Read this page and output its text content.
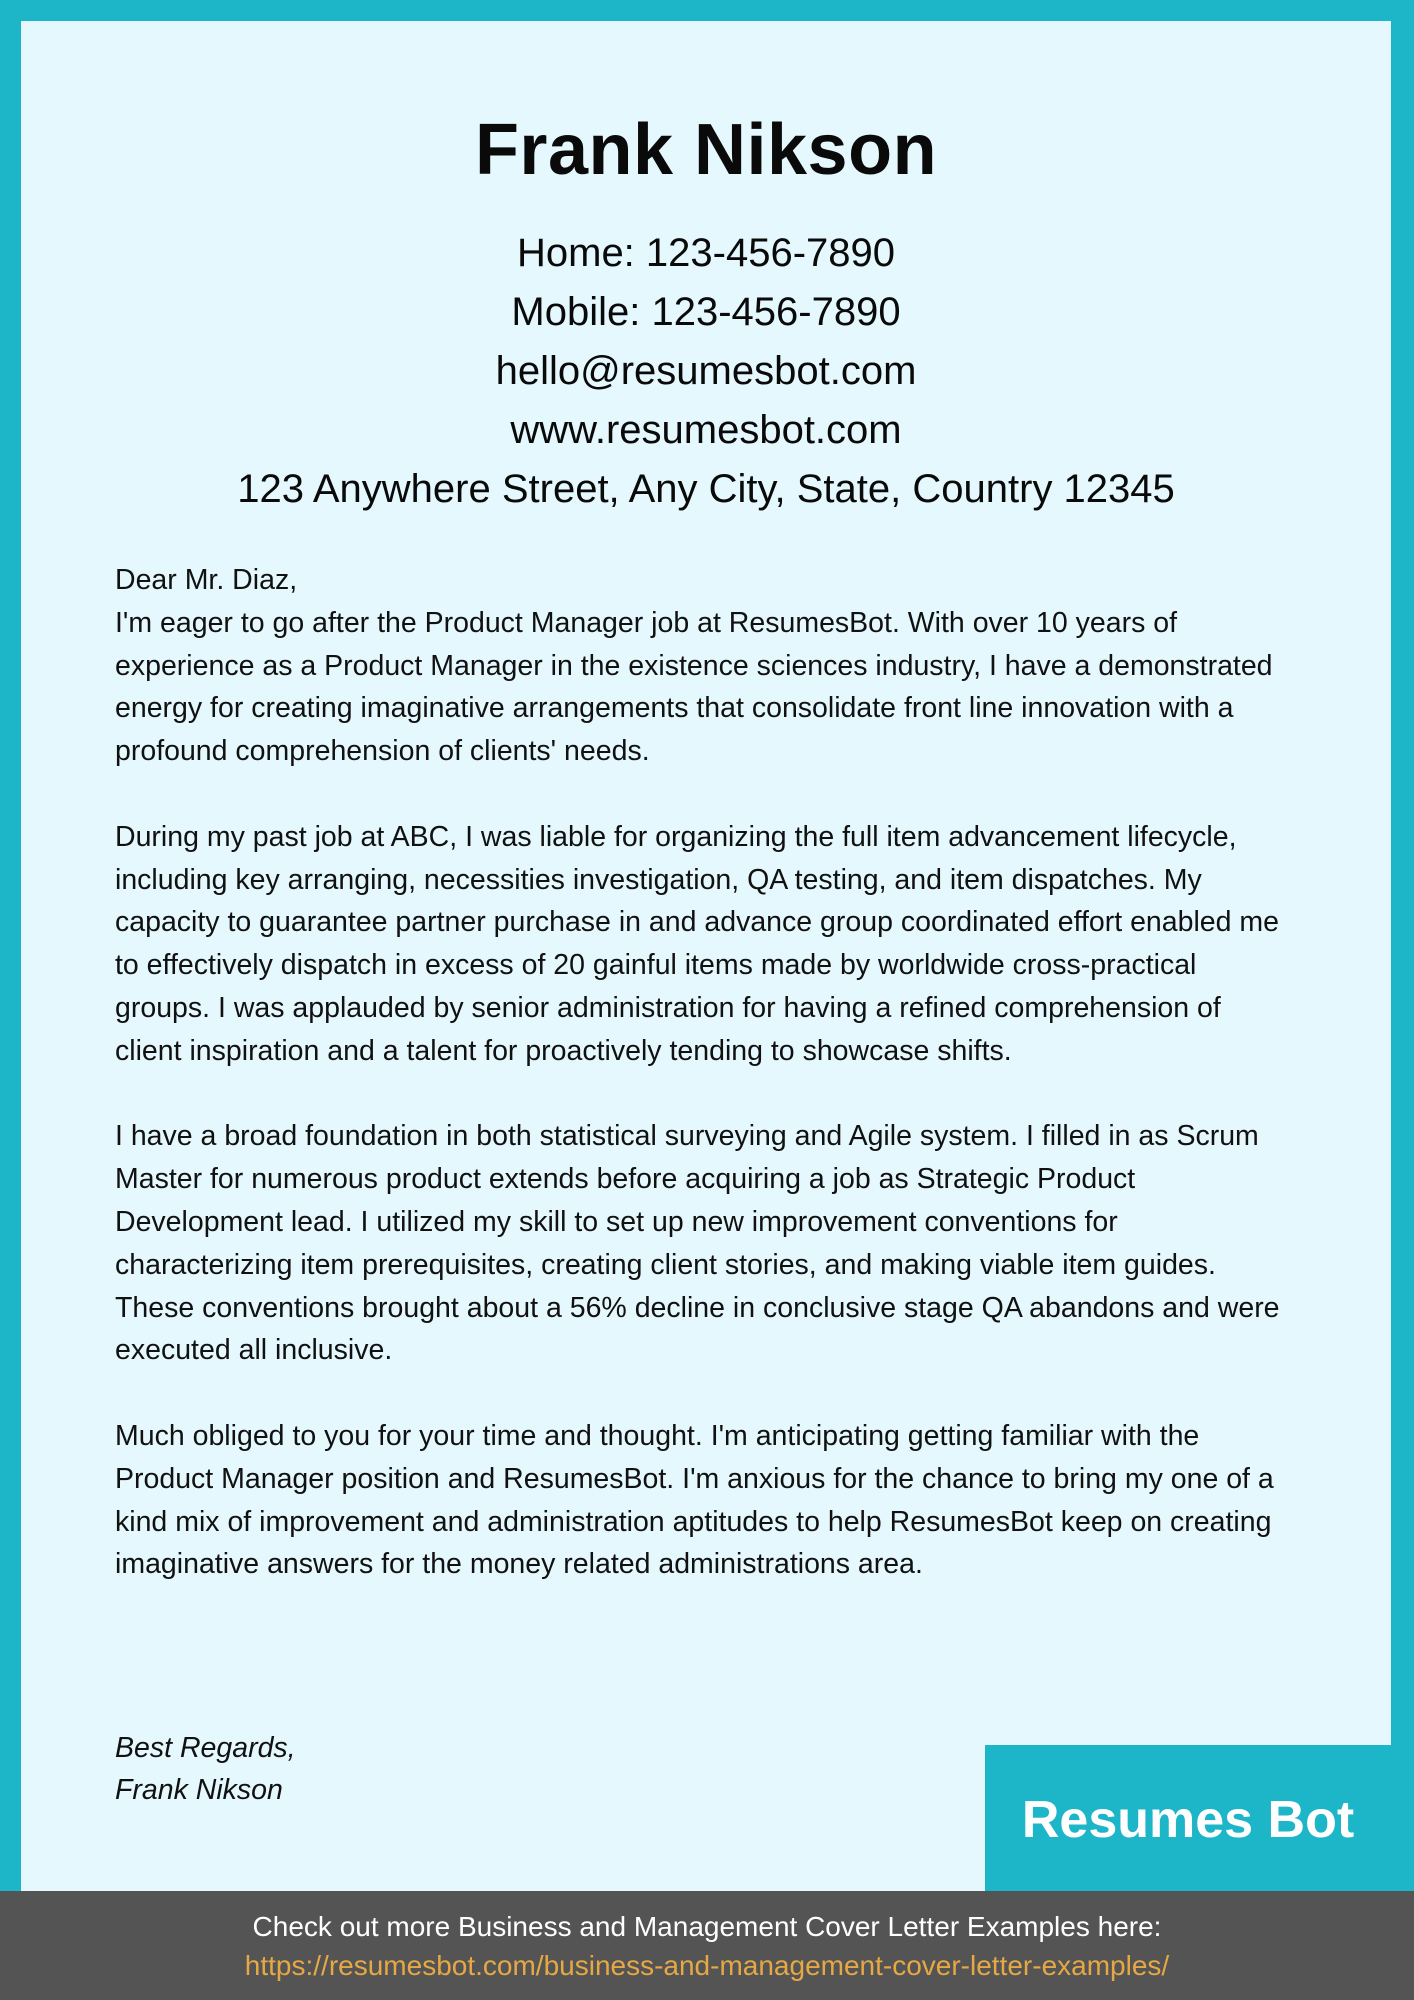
Frank Nikson
Home: 123-456-7890
Mobile: 123-456-7890
hello@resumesbot.com
www.resumesbot.com
123 Anywhere Street, Any City, State, Country 12345

Dear Mr. Diaz,

I'm eager to go after the Product Manager job at ResumesBot. With over 10 years of experience as a Product Manager in the existence sciences industry, I have a demonstrated energy for creating imaginative arrangements that consolidate front line innovation with a profound comprehension of clients' needs.

During my past job at ABC, I was liable for organizing the full item advancement lifecycle, including key arranging, necessities investigation, QA testing, and item dispatches. My capacity to guarantee partner purchase in and advance group coordinated effort enabled me to effectively dispatch in excess of 20 gainful items made by worldwide cross-practical groups. I was applauded by senior administration for having a refined comprehension of client inspiration and a talent for proactively tending to showcase shifts.

I have a broad foundation in both statistical surveying and Agile system. I filled in as Scrum Master for numerous product extends before acquiring a job as Strategic Product Development lead. I utilized my skill to set up new improvement conventions for characterizing item prerequisites, creating client stories, and making viable item guides. These conventions brought about a 56% decline in conclusive stage QA abandons and were executed all inclusive.

Much obliged to you for your time and thought. I'm anticipating getting familiar with the Product Manager position and ResumesBot. I'm anxious for the chance to bring my one of a kind mix of improvement and administration aptitudes to help ResumesBot keep on creating imaginative answers for the money related administrations area.

Best Regards,
Frank Nikson
Resumes Bot
Check out more Business and Management Cover Letter Examples here:
https://resumesbot.com/business-and-management-cover-letter-examples/
